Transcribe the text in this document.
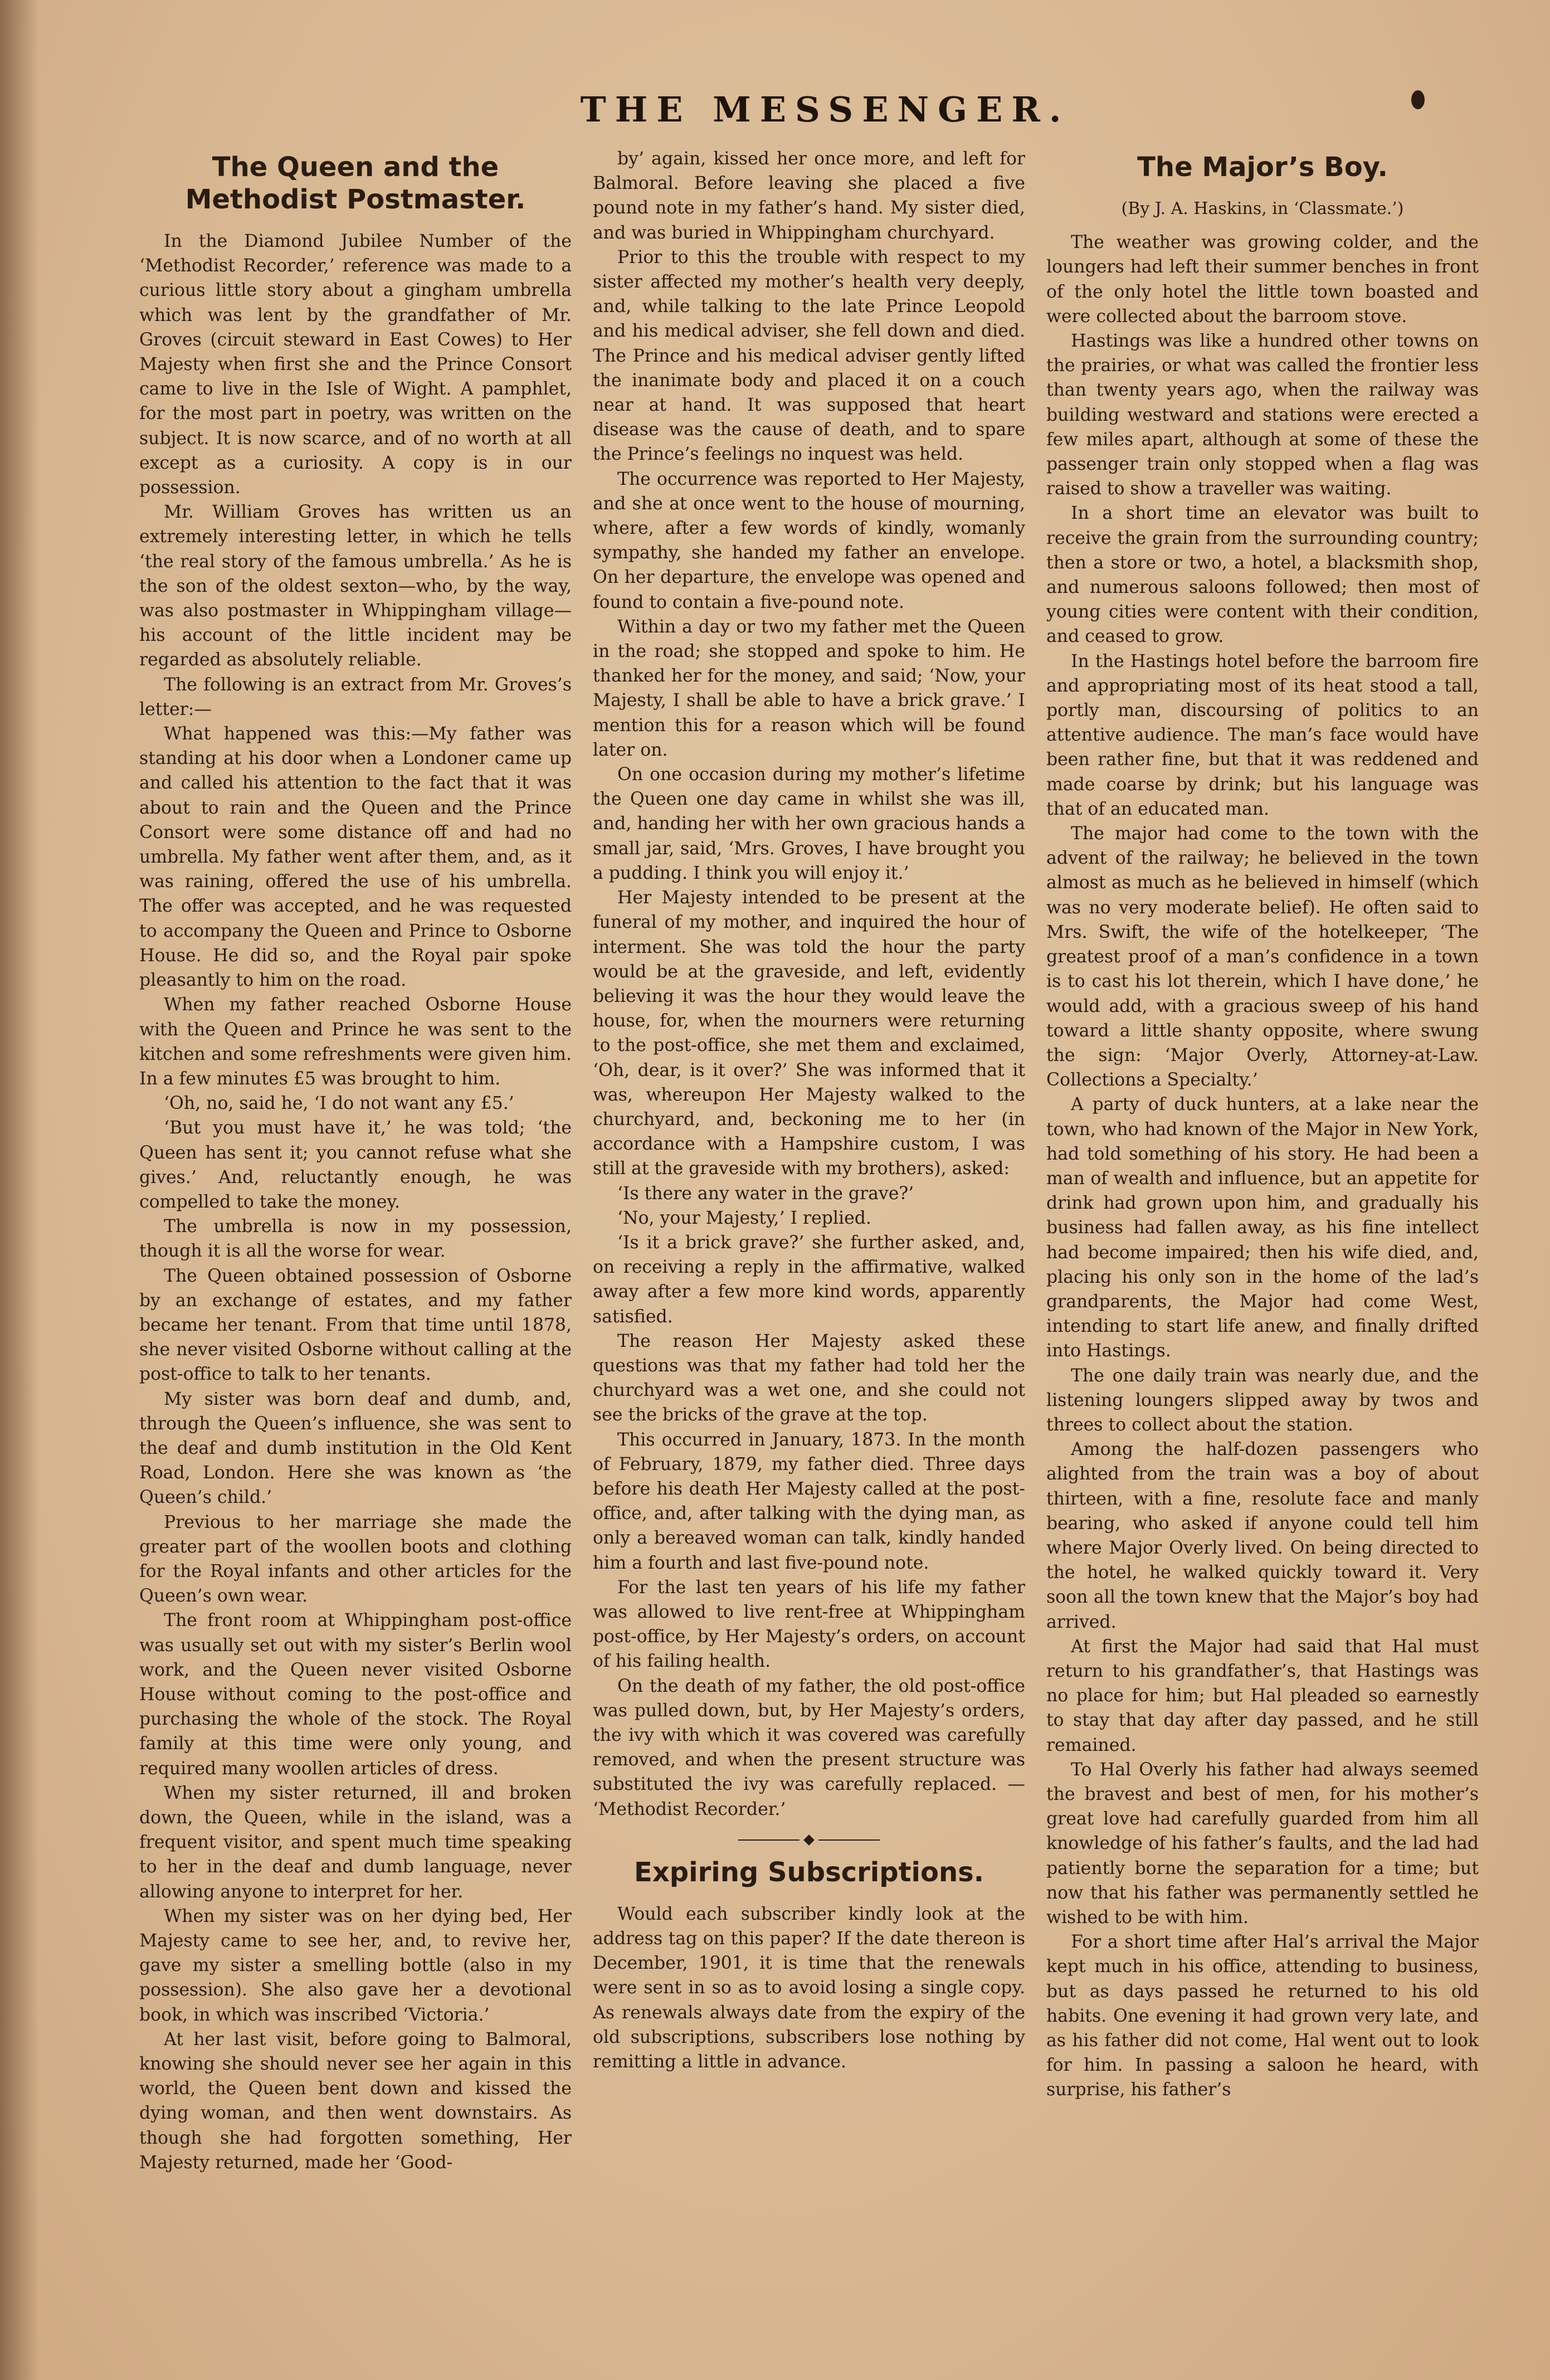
THE MESSENGER.
The Queen and the Methodist Postmaster.

In the Diamond Jubilee Number of the ‘Methodist Recorder,’ reference was made to a curious little story about a gingham umbrella which was lent by the grandfather of Mr. Groves (circuit steward in East Cowes) to Her Majesty when first she and the Prince Consort came to live in the Isle of Wight. A pamphlet, for the most part in poetry, was written on the subject. It is now scarce, and of no worth at all except as a curiosity. A copy is in our possession.

Mr. William Groves has written us an extremely interesting letter, in which he tells ‘the real story of the famous umbrella.’ As he is the son of the oldest sexton—who, by the way, was also postmaster in Whippingham village—his account of the little incident may be regarded as absolutely reliable.

The following is an extract from Mr. Groves’s letter:—

What happened was this:—My father was standing at his door when a Londoner came up and called his attention to the fact that it was about to rain and the Queen and the Prince Consort were some distance off and had no umbrella. My father went after them, and, as it was raining, offered the use of his umbrella. The offer was accepted, and he was requested to accompany the Queen and Prince to Osborne House. He did so, and the Royal pair spoke pleasantly to him on the road.

When my father reached Osborne House with the Queen and Prince he was sent to the kitchen and some refreshments were given him. In a few minutes £5 was brought to him.

‘Oh, no, said he, ‘I do not want any £5.’

‘But you must have it,’ he was told; ‘the Queen has sent it; you cannot refuse what she gives.’ And, reluctantly enough, he was compelled to take the money.

The umbrella is now in my possession, though it is all the worse for wear.

The Queen obtained possession of Osborne by an exchange of estates, and my father became her tenant. From that time until 1878, she never visited Osborne without calling at the post-office to talk to her tenants.

My sister was born deaf and dumb, and, through the Queen’s influence, she was sent to the deaf and dumb institution in the Old Kent Road, London. Here she was known as ‘the Queen’s child.’

Previous to her marriage she made the greater part of the woollen boots and clothing for the Royal infants and other articles for the Queen’s own wear.

The front room at Whippingham post-office was usually set out with my sister’s Berlin wool work, and the Queen never visited Osborne House without coming to the post-office and purchasing the whole of the stock. The Royal family at this time were only young, and required many woollen articles of dress.

When my sister returned, ill and broken down, the Queen, while in the island, was a frequent visitor, and spent much time speaking to her in the deaf and dumb language, never allowing anyone to interpret for her.

When my sister was on her dying bed, Her Majesty came to see her, and, to revive her, gave my sister a smelling bottle (also in my possession). She also gave her a devotional book, in which was inscribed ‘Victoria.’

At her last visit, before going to Balmoral, knowing she should never see her again in this world, the Queen bent down and kissed the dying woman, and then went downstairs. As though she had forgotten something, Her Majesty returned, made her ‘Good-

by’ again, kissed her once more, and left for Balmoral. Before leaving she placed a five pound note in my father’s hand. My sister died, and was buried in Whippingham churchyard.

Prior to this the trouble with respect to my sister affected my mother’s health very deeply, and, while talking to the late Prince Leopold and his medical adviser, she fell down and died. The Prince and his medical adviser gently lifted the inanimate body and placed it on a couch near at hand. It was supposed that heart disease was the cause of death, and to spare the Prince’s feelings no inquest was held.

The occurrence was reported to Her Majesty, and she at once went to the house of mourning, where, after a few words of kindly, womanly sympathy, she handed my father an envelope. On her departure, the envelope was opened and found to contain a five-pound note.

Within a day or two my father met the Queen in the road; she stopped and spoke to him. He thanked her for the money, and said; ‘Now, your Majesty, I shall be able to have a brick grave.’ I mention this for a reason which will be found later on.

On one occasion during my mother’s lifetime the Queen one day came in whilst she was ill, and, handing her with her own gracious hands a small jar, said, ‘Mrs. Groves, I have brought you a pudding. I think you will enjoy it.’

Her Majesty intended to be present at the funeral of my mother, and inquired the hour of interment. She was told the hour the party would be at the graveside, and left, evidently believing it was the hour they would leave the house, for, when the mourners were returning to the post-office, she met them and exclaimed, ‘Oh, dear, is it over?’ She was informed that it was, whereupon Her Majesty walked to the churchyard, and, beckoning me to her (in accordance with a Hampshire custom, I was still at the graveside with my brothers), asked:

‘Is there any water in the grave?’

‘No, your Majesty,’ I replied.

‘Is it a brick grave?’ she further asked, and, on receiving a reply in the affirmative, walked away after a few more kind words, apparently satisfied.

The reason Her Majesty asked these questions was that my father had told her the churchyard was a wet one, and she could not see the bricks of the grave at the top.

This occurred in January, 1873. In the month of February, 1879, my father died. Three days before his death Her Majesty called at the post-office, and, after talking with the dying man, as only a bereaved woman can talk, kindly handed him a fourth and last five-pound note.

For the last ten years of his life my father was allowed to live rent-free at Whippingham post-office, by Her Majesty’s orders, on account of his failing health.

On the death of my father, the old post-office was pulled down, but, by Her Majesty’s orders, the ivy with which it was covered was carefully removed, and when the present structure was substituted the ivy was carefully replaced. — ‘Methodist Recorder.’

Expiring Subscriptions.

Would each subscriber kindly look at the address tag on this paper? If the date thereon is December, 1901, it is time that the renewals were sent in so as to avoid losing a single copy. As renewals always date from the expiry of the old subscriptions, subscribers lose nothing by remitting a little in advance.

The Major’s Boy.
(By J. A. Haskins, in ‘Classmate.’)

The weather was growing colder, and the loungers had left their summer benches in front of the only hotel the little town boasted and were collected about the barroom stove.

Hastings was like a hundred other towns on the prairies, or what was called the frontier less than twenty years ago, when the railway was building westward and stations were erected a few miles apart, although at some of these the passenger train only stopped when a flag was raised to show a traveller was waiting.

In a short time an elevator was built to receive the grain from the surrounding country; then a store or two, a hotel, a blacksmith shop, and numerous saloons followed; then most of young cities were content with their condition, and ceased to grow.

In the Hastings hotel before the barroom fire and appropriating most of its heat stood a tall, portly man, discoursing of politics to an attentive audience. The man’s face would have been rather fine, but that it was reddened and made coarse by drink; but his language was that of an educated man.

The major had come to the town with the advent of the railway; he believed in the town almost as much as he believed in himself (which was no very moderate belief). He often said to Mrs. Swift, the wife of the hotelkeeper, ‘The greatest proof of a man’s confidence in a town is to cast his lot therein, which I have done,’ he would add, with a gracious sweep of his hand toward a little shanty opposite, where swung the sign: ‘Major Overly, Attorney-at-Law. Collections a Specialty.’

A party of duck hunters, at a lake near the town, who had known of the Major in New York, had told something of his story. He had been a man of wealth and influence, but an appetite for drink had grown upon him, and gradually his business had fallen away, as his fine intellect had become impaired; then his wife died, and, placing his only son in the home of the lad’s grandparents, the Major had come West, intending to start life anew, and finally drifted into Hastings.

The one daily train was nearly due, and the listening loungers slipped away by twos and threes to collect about the station.

Among the half-dozen passengers who alighted from the train was a boy of about thirteen, with a fine, resolute face and manly bearing, who asked if anyone could tell him where Major Overly lived. On being directed to the hotel, he walked quickly toward it. Very soon all the town knew that the Major’s boy had arrived.

At first the Major had said that Hal must return to his grandfather’s, that Hastings was no place for him; but Hal pleaded so earnestly to stay that day after day passed, and he still remained.

To Hal Overly his father had always seemed the bravest and best of men, for his mother’s great love had carefully guarded from him all knowledge of his father’s faults, and the lad had patiently borne the separation for a time; but now that his father was permanently settled he wished to be with him.

For a short time after Hal’s arrival the Major kept much in his office, attending to business, but as days passed he returned to his old habits. One evening it had grown very late, and as his father did not come, Hal went out to look for him. In passing a saloon he heard, with surprise, his father’s
